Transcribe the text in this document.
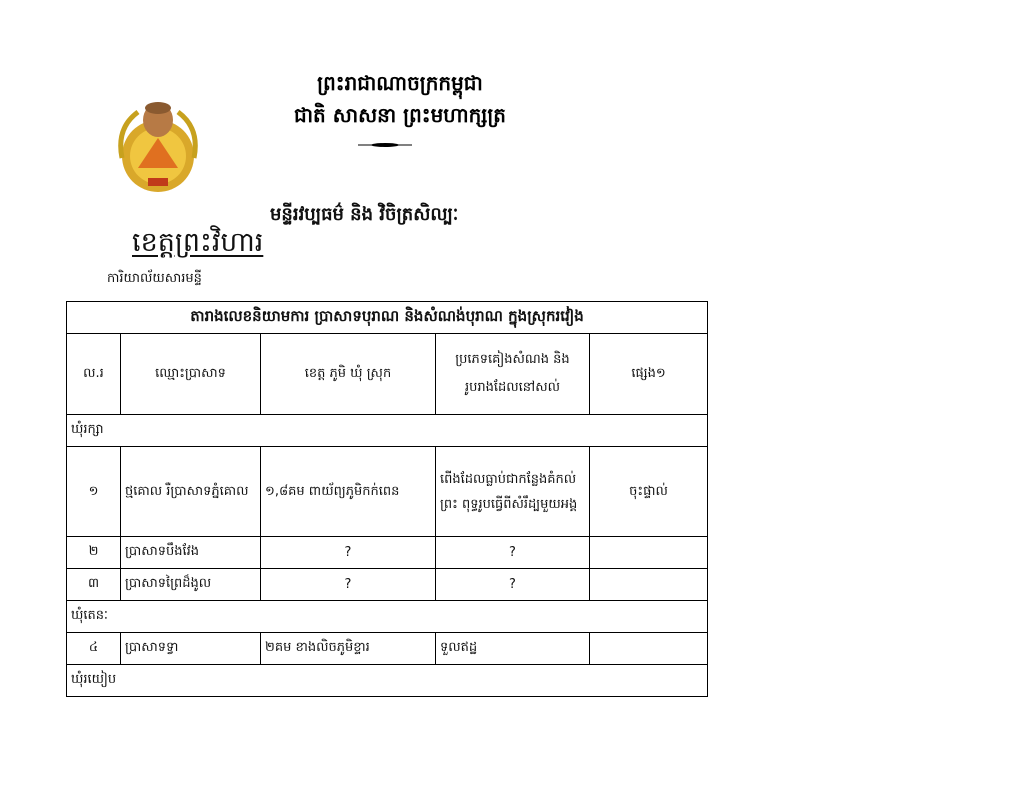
ព្រះរាជាណាចក្រកម្ពុជា
ជាតិ សាសនា ព្រះមហាក្សត្រ
មន្ទីរវប្បធម៌ និង វិចិត្រសិល្បៈ
ខេត្តព្រះវិហារ
ការិយាល័យសារមន្ទី
តារាងលេខនិយាមការ ប្រាសាទបុរាណ និងសំណង់បុរាណ ក្នុងស្រុករវៀង				
ល.រ	ឈ្មោះប្រាសាទ	ខេត្ត ភូមិ ឃុំ ស្រុក	ប្រភេទគៀងសំណង និង រូបរាងដែលនៅសល់	ផ្សេង១
ឃុំរក្សា				
១	ថ្មគោល រឺប្រាសាទភ្នំគោល	១,៨គម ពាយ័ព្យភូមិកក់ពេន	ពើងដែលធ្លាប់ជាកន្លែងគំកល់ ព្រះ ពុទ្ធរូបធ្វើពីសំរឹដ្បមួយអង្គ	ចុះផ្ទាល់
២	ប្រាសាទបឹងវែង	?	?	
៣	ប្រាសាទព្រៃដ៏ងូល	?	?	
ឃុំតេនៈ				
៤	ប្រាសាទទ្វា	២គម ខាងលិចភូមិខ្ទារ	ទួលឥដ្ឋ	
ឃុំរយៀប				
